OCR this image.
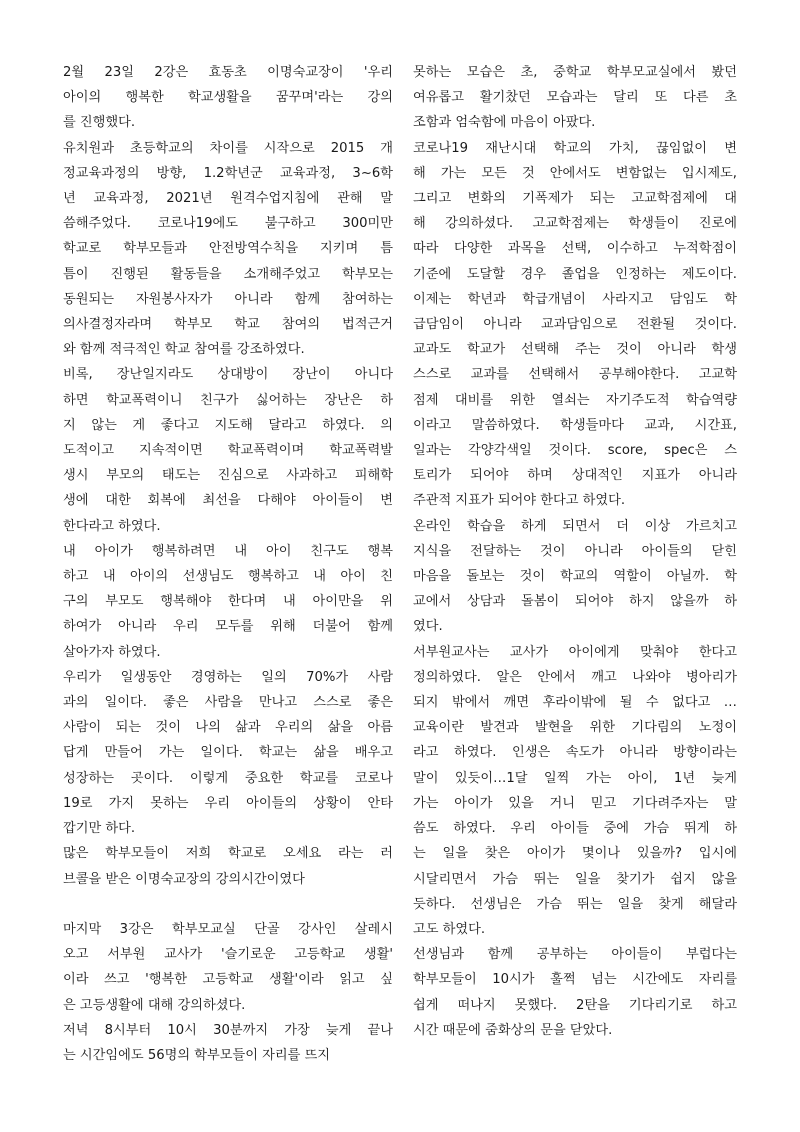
2월 23일 2강은 효동초 이명숙교장이 '우리
아이의 행복한 학교생활을 꿈꾸며'라는 강의
를 진행했다.
유치원과 초등학교의 차이를 시작으로 2015 개
정교육과정의 방향, 1.2학년군 교육과정, 3~6학
년 교육과정, 2021년 원격수업지침에 관해 말
씀해주었다. 코로나19에도 불구하고 300미만
학교로 학부모들과 안전방역수칙을 지키며 틈
틈이 진행된 활동들을 소개해주었고 학부모는
동원되는 자원봉사자가 아니라 함께 참여하는
의사결정자라며 학부모 학교 참여의 법적근거
와 함께 적극적인 학교 참여를 강조하였다.
비록, 장난일지라도 상대방이 장난이 아니다
하면 학교폭력이니 친구가 싫어하는 장난은 하
지 않는 게 좋다고 지도해 달라고 하였다. 의
도적이고 지속적이면 학교폭력이며 학교폭력발
생시 부모의 태도는 진심으로 사과하고 피해학
생에 대한 회복에 최선을 다해야 아이들이 변
한다라고 하였다.
내 아이가 행복하려면 내 아이 친구도 행복
하고 내 아이의 선생님도 행복하고 내 아이 친
구의 부모도 행복해야 한다며 내 아이만을 위
하여가 아니라 우리 모두를 위해 더불어 함께
살아가자 하였다.
우리가 일생동안 경영하는 일의 70%가 사람
과의 일이다. 좋은 사람을 만나고 스스로 좋은
사람이 되는 것이 나의 삶과 우리의 삶을 아름
답게 만들어 가는 일이다. 학교는 삶을 배우고
성장하는 곳이다. 이렇게 중요한 학교를 코로나
19로 가지 못하는 우리 아이들의 상황이 안타
깝기만 하다.
많은 학부모들이 저희 학교로 오세요 라는 러
브콜을 받은 이명숙교장의 강의시간이였다
마지막 3강은 학부모교실 단골 강사인 살레시
오고 서부원 교사가 '슬기로운 고등학교 생활'
이라 쓰고 '행복한 고등학교 생활'이라 읽고 싶
은 고등생활에 대해 강의하셨다.
저녁 8시부터 10시 30분까지 가장 늦게 끝나
는 시간임에도 56명의 학부모들이 자리를 뜨지
못하는 모습은 초, 중학교 학부모교실에서 봤던
여유롭고 활기찼던 모습과는 달리 또 다른 초
조함과 엄숙함에 마음이 아팠다.
코로나19 재난시대 학교의 가치, 끊임없이 변
해 가는 모든 것 안에서도 변함없는 입시제도,
그리고 변화의 기폭제가 되는 고교학점제에 대
해 강의하셨다. 고교학점제는 학생들이 진로에
따라 다양한 과목을 선택, 이수하고 누적학점이
기준에 도달할 경우 졸업을 인정하는 제도이다.
이제는 학년과 학급개념이 사라지고 담임도 학
급담임이 아니라 교과담임으로 전환될 것이다.
교과도 학교가 선택해 주는 것이 아니라 학생
스스로 교과를 선택해서 공부해야한다. 고교학
점제 대비를 위한 열쇠는 자기주도적 학습역량
이라고 말씀하였다. 학생들마다 교과, 시간표,
일과는 각양각색일 것이다. score, spec은 스
토리가 되어야 하며 상대적인 지표가 아니라
주관적 지표가 되어야 한다고 하였다.
온라인 학습을 하게 되면서 더 이상 가르치고
지식을 전달하는 것이 아니라 아이들의 닫힌
마음을 돌보는 것이 학교의 역할이 아닐까. 학
교에서 상담과 돌봄이 되어야 하지 않을까 하
였다.
서부원교사는 교사가 아이에게 맞춰야 한다고
정의하였다. 알은 안에서 깨고 나와야 병아리가
되지 밖에서 깨면 후라이밖에 될 수 없다고 …
교육이란 발견과 발현을 위한 기다림의 노정이
라고 하였다. 인생은 속도가 아니라 방향이라는
말이 있듯이…1달 일찍 가는 아이, 1년 늦게
가는 아이가 있을 거니 믿고 기다려주자는 말
씀도 하였다. 우리 아이들 중에 가슴 뛰게 하
는 일을 찾은 아이가 몇이나 있을까? 입시에
시달리면서 가슴 뛰는 일을 찾기가 쉽지 않을
듯하다. 선생님은 가슴 뛰는 일을 찾게 해달라
고도 하였다.
선생님과 함께 공부하는 아이들이 부럽다는
학부모들이 10시가 훌쩍 넘는 시간에도 자리를
쉽게 떠나지 못했다. 2탄을 기다리기로 하고
시간 때문에 줌화상의 문을 닫았다.
